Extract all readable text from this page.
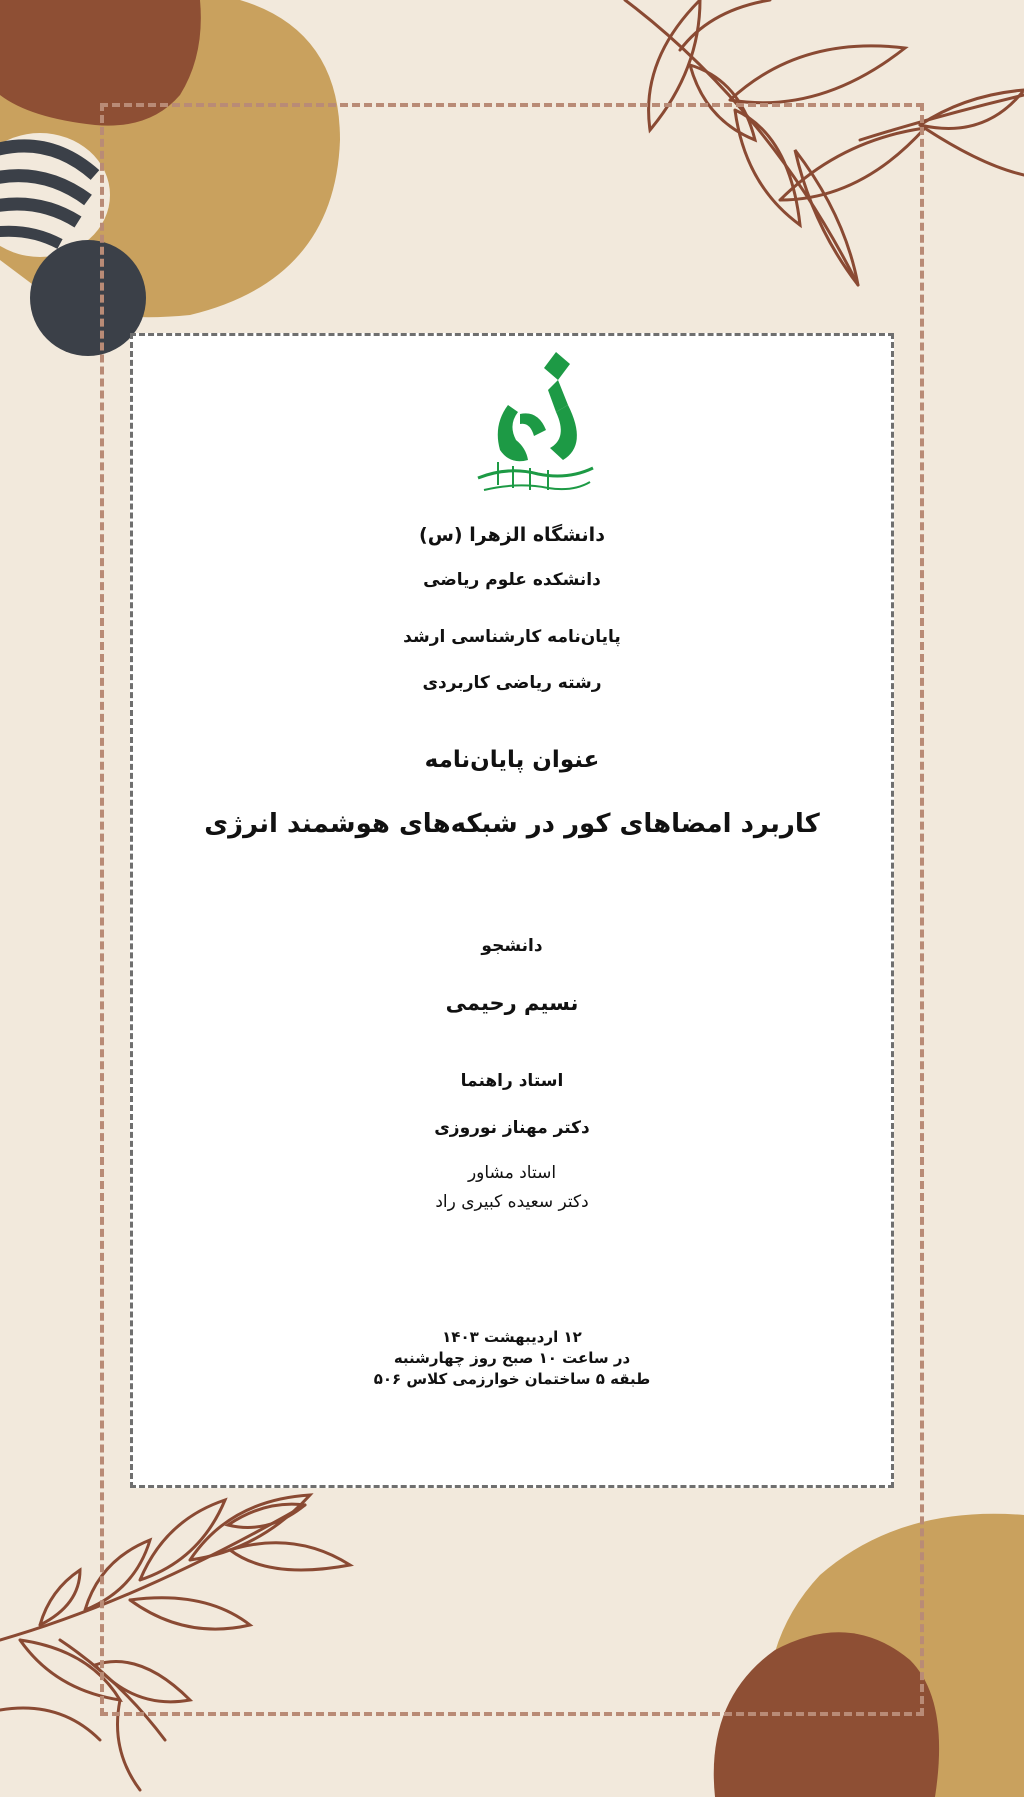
دانشگاه الزهرا (س)
دانشکده علوم ریاضی
پایان‌نامه کارشناسی ارشد
رشته ریاضی کاربردی
عنوان پایان‌نامه
کاربرد امضاهای کور در شبکه‌های هوشمند انرژی
دانشجو
نسیم رحیمی
استاد راهنما
دکتر مهناز نوروزی
استاد مشاور
دکتر سعیده کبیری راد
۱۲ اردیبهشت ۱۴۰۳
در ساعت ۱۰ صبح روز چهارشنبه
طبقه ۵ ساختمان خوارزمی کلاس ۵۰۶
